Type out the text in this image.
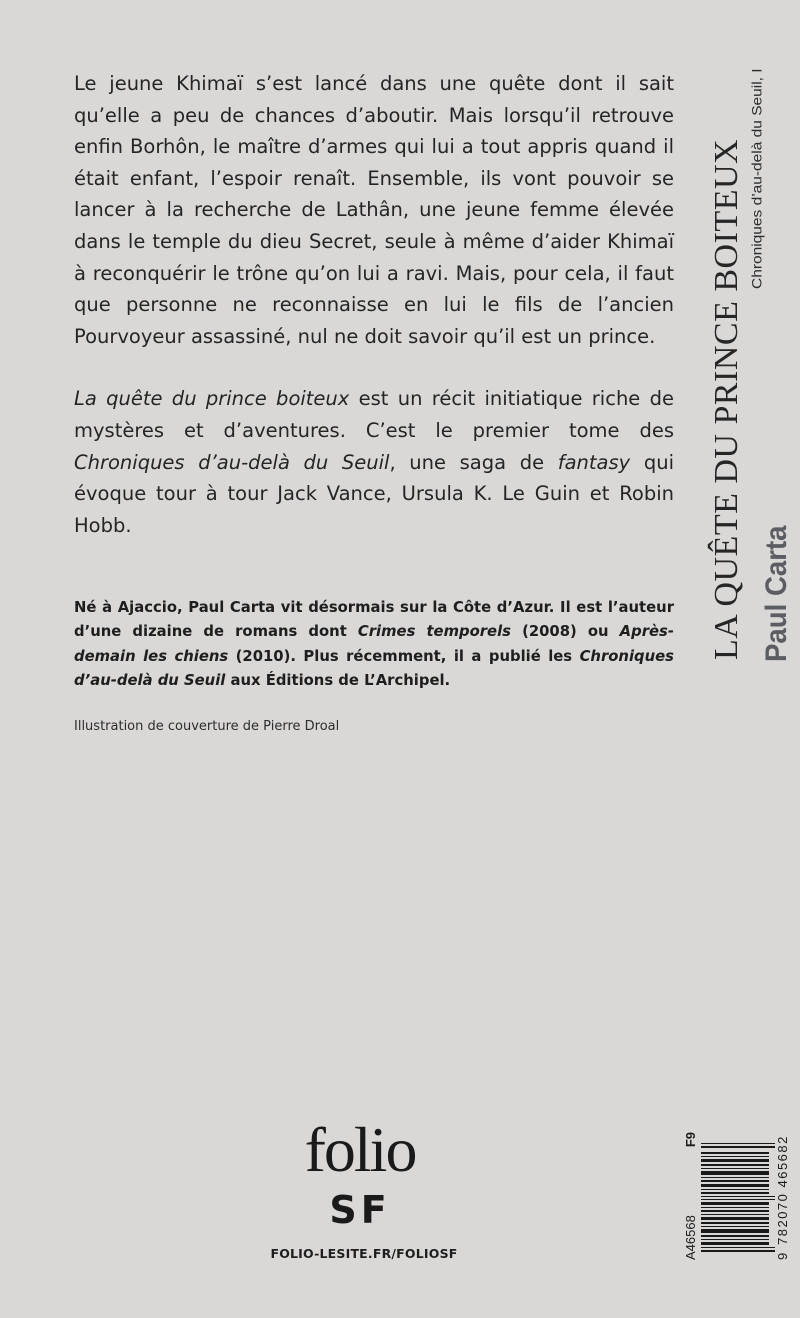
Le jeune Khimaï s’est lancé dans une quête dont il sait qu’elle a peu de chances d’aboutir. Mais lorsqu’il retrouve enfin Borhôn, le maître d’armes qui lui a tout appris quand il était enfant, l’espoir renaît. Ensemble, ils vont pouvoir se lancer à la recherche de Lathân, une jeune femme élevée dans le temple du dieu Secret, seule à même d’aider Khimaï à reconquérir le trône qu’on lui a ravi. Mais, pour cela, il faut que personne ne reconnaisse en lui le fils de l’ancien Pourvoyeur assassiné, nul ne doit savoir qu’il est un prince.

La quête du prince boiteux est un récit initiatique riche de mystères et d’aventures. C’est le premier tome des Chroniques d’au-delà du Seuil, une saga de fantasy qui évoque tour à tour Jack Vance, Ursula K. Le Guin et Robin Hobb.

Né à Ajaccio, Paul Carta vit désormais sur la Côte d’Azur. Il est l’auteur d’une dizaine de romans dont Crimes temporels (2008) ou Après-demain les chiens (2010). Plus récemment, il a publié les Chroniques d’au-delà du Seuil aux Éditions de L’Archipel.
Illustration de couverture de Pierre Droal
LA QUÊTE DU PRINCE BOITEUX Chroniques d’au-delà du Seuil, I
Paul Carta
folio
SF
FOLIO-LESITE.FR/FOLIOSF	A46568
F9
9
782070 465682
